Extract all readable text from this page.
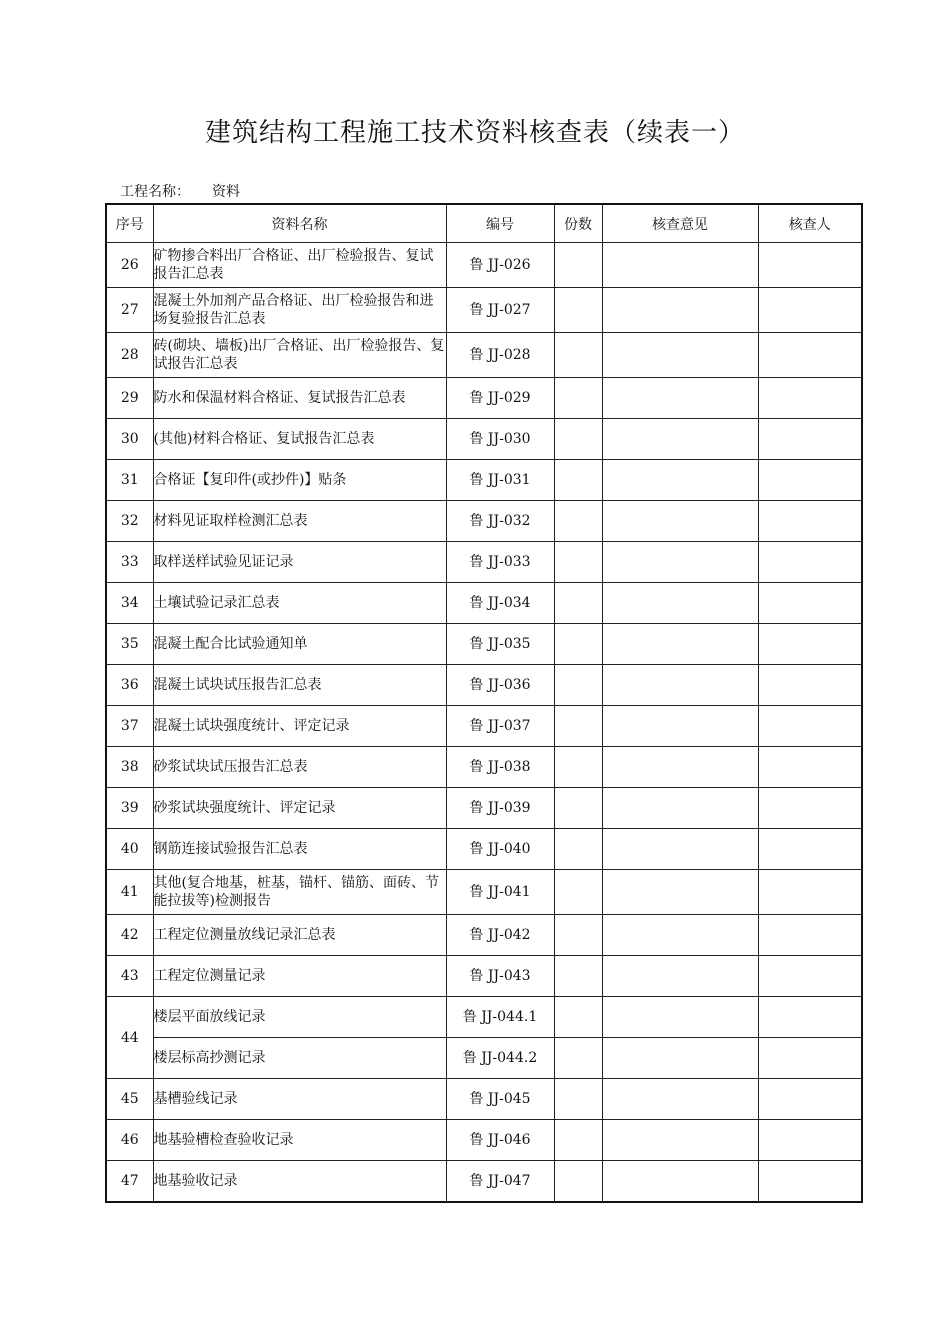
建筑结构工程施工技术资料核查表（续表一）
工程名称： 资料
序号	资料名称	编号	份数	核查意见	核查人
26	矿物掺合料出厂合格证、出厂检验报告、复试报告汇总表	鲁 JJ-026			
27	混凝土外加剂产品合格证、出厂检验报告和进场复验报告汇总表	鲁 JJ-027			
28	砖(砌块、墙板)出厂合格证、出厂检验报告、复试报告汇总表	鲁 JJ-028			
29	防水和保温材料合格证、复试报告汇总表	鲁 JJ-029			
30	(其他)材料合格证、复试报告汇总表	鲁 JJ-030			
31	合格证【复印件(或抄件)】贴条	鲁 JJ-031			
32	材料见证取样检测汇总表	鲁 JJ-032			
33	取样送样试验见证记录	鲁 JJ-033			
34	土壤试验记录汇总表	鲁 JJ-034			
35	混凝土配合比试验通知单	鲁 JJ-035			
36	混凝土试块试压报告汇总表	鲁 JJ-036			
37	混凝土试块强度统计、评定记录	鲁 JJ-037			
38	砂浆试块试压报告汇总表	鲁 JJ-038			
39	砂浆试块强度统计、评定记录	鲁 JJ-039			
40	钢筋连接试验报告汇总表	鲁 JJ-040			
41	其他(复合地基，桩基，锚杆、锚筋、面砖、节能拉拔等)检测报告	鲁 JJ-041			
42	工程定位测量放线记录汇总表	鲁 JJ-042			
43	工程定位测量记录	鲁 JJ-043			
44	楼层平面放线记录	鲁 JJ-044.1			
	楼层标高抄测记录	鲁 JJ-044.2			
45	基槽验线记录	鲁 JJ-045			
46	地基验槽检查验收记录	鲁 JJ-046			
47	地基验收记录	鲁 JJ-047			
